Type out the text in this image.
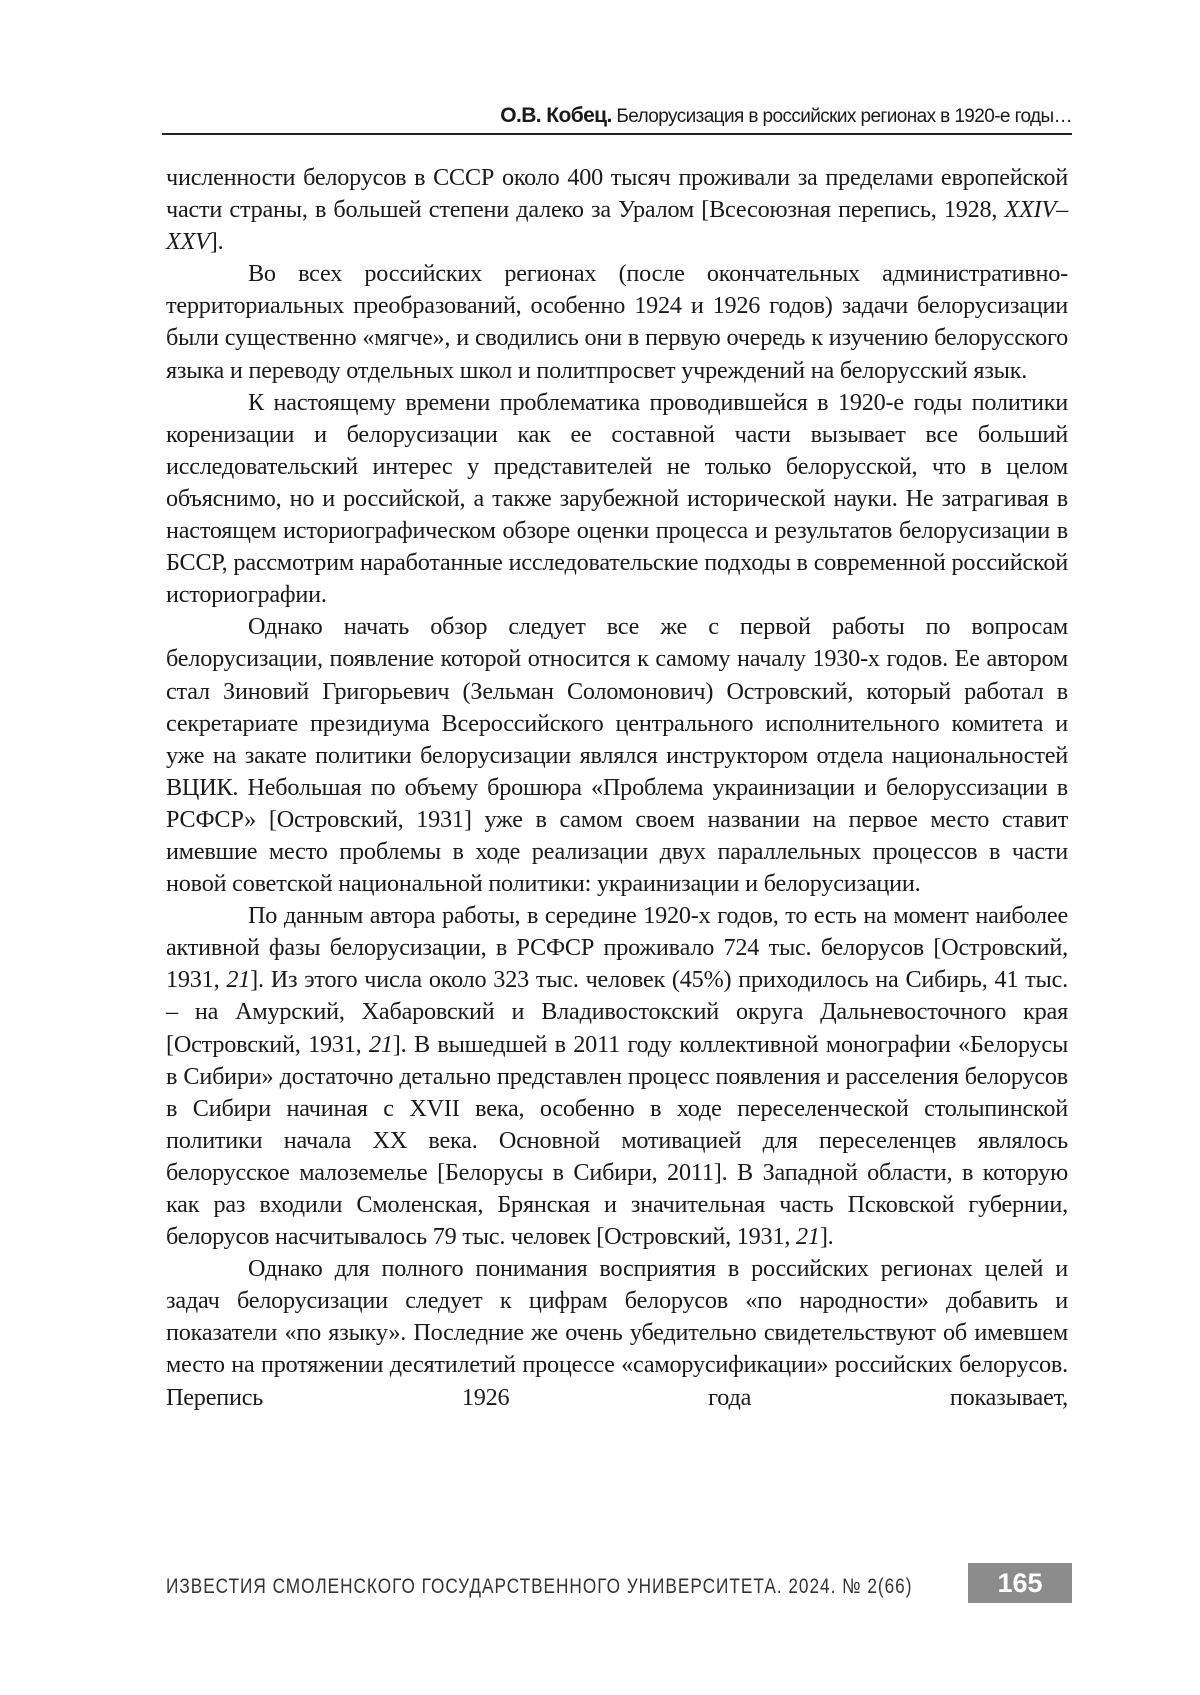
О.В. Кобец. Белорусизация в российских регионах в 1920-е годы…

численности белорусов в СССР около 400 тысяч проживали за пределами европейской части страны, в большей степени далеко за Уралом [Всесоюзная перепись, 1928, XXIV–XXV].

Во всех российских регионах (после окончательных административно-территориальных преобразований, особенно 1924 и 1926 годов) задачи белорусизации были существенно «мягче», и сводились они в первую очередь к изучению белорусского языка и переводу отдельных школ и политпросвет учреждений на белорусский язык.

К настоящему времени проблематика проводившейся в 1920-е годы политики коренизации и белорусизации как ее составной части вызывает все больший исследовательский интерес у представителей не только белорусской, что в целом объяснимо, но и российской, а также зарубежной исторической науки. Не затрагивая в настоящем историографическом обзоре оценки процесса и результатов белорусизации в БССР, рассмотрим наработанные исследовательские подходы в современной российской историографии.

Однако начать обзор следует все же с первой работы по вопросам белорусизации, появление которой относится к самому началу 1930-х годов. Ее автором стал Зиновий Григорьевич (Зельман Соломонович) Островский, который работал в секретариате президиума Всероссийского центрального исполнительного комитета и уже на закате политики белорусизации являлся инструктором отдела национальностей ВЦИК. Небольшая по объему брошюра «Проблема украинизации и белоруссизации в РСФСР» [Островский, 1931] уже в самом своем названии на первое место ставит имевшие место проблемы в ходе реализации двух параллельных процессов в части новой советской национальной политики: украинизации и белорусизации.

По данным автора работы, в середине 1920-х годов, то есть на момент наиболее активной фазы белорусизации, в РСФСР проживало 724 тыс. белорусов [Островский, 1931, 21]. Из этого числа около 323 тыс. человек (45%) приходилось на Сибирь, 41 тыс. – на Амурский, Хабаровский и Владивостокский округа Дальневосточного края [Островский, 1931, 21]. В вышедшей в 2011 году коллективной монографии «Белорусы в Сибири» достаточно детально представлен процесс появления и расселения белорусов в Сибири начиная с XVII века, особенно в ходе переселенческой столыпинской политики начала XX века. Основной мотивацией для переселенцев являлось белорусское малоземелье [Белорусы в Сибири, 2011]. В Западной области, в которую как раз входили Смоленская, Брянская и значительная часть Псковской губернии, белорусов насчитывалось 79 тыс. человек [Островский, 1931, 21].

Однако для полного понимания восприятия в российских регионах целей и задач белорусизации следует к цифрам белорусов «по народности» добавить и показатели «по языку». Последние же очень убедительно свидетельствуют об имевшем место на протяжении десятилетий процессе «саморусификации» российских белорусов. Перепись 1926 года показывает,

ИЗВЕСТИЯ СМОЛЕНСКОГО ГОСУДАРСТВЕННОГО УНИВЕРСИТЕТА. 2024. № 2(66)	165
